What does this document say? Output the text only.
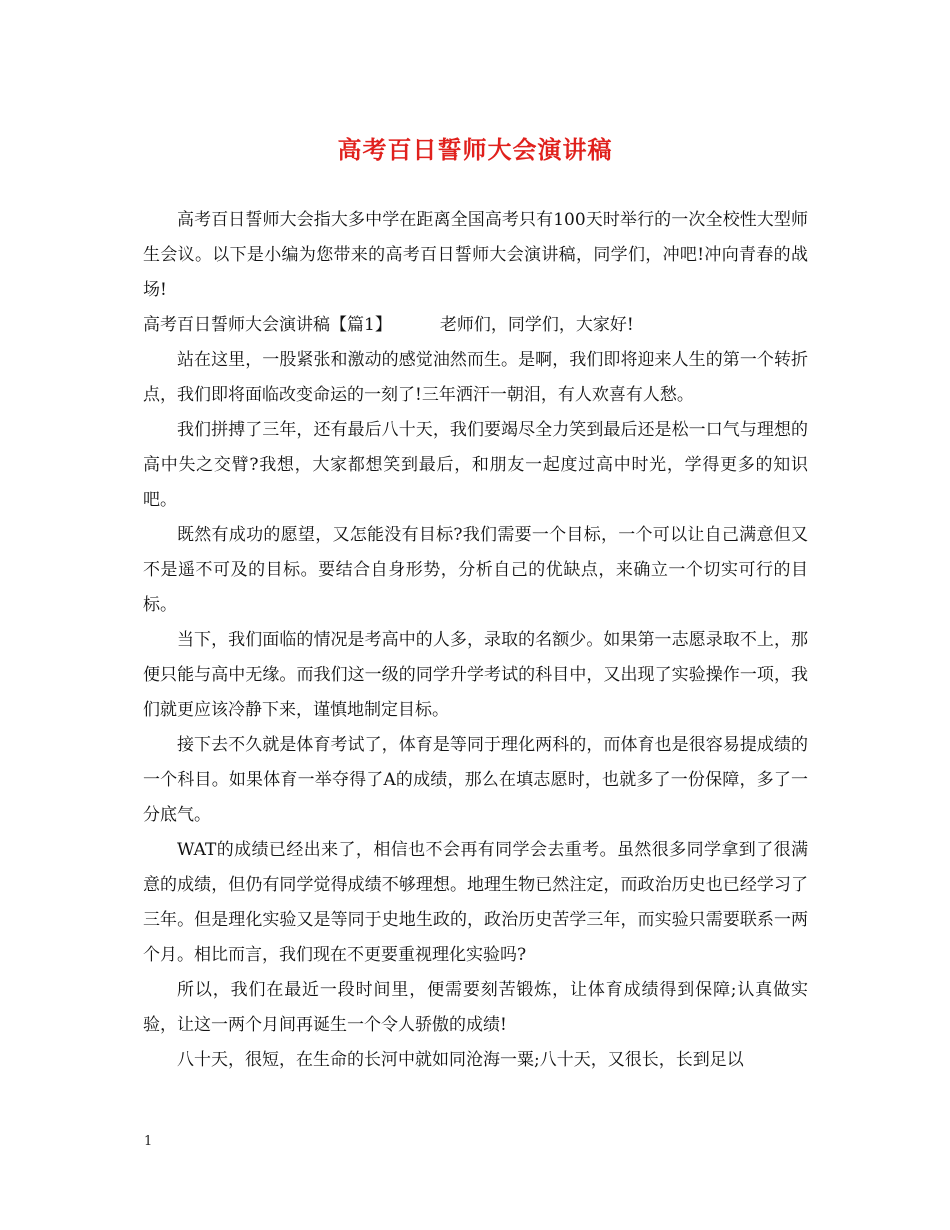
高考百日誓师大会演讲稿

高考百日誓师大会指大多中学在距离全国高考只有100天时举行的一次全校性大型师生会议。以下是小编为您带来的高考百日誓师大会演讲稿，同学们，冲吧!冲向青春的战场!

高考百日誓师大会演讲稿【篇1】	老师们，同学们，大家好!

站在这里，一股紧张和激动的感觉油然而生。是啊，我们即将迎来人生的第一个转折点，我们即将面临改变命运的一刻了!三年洒汗一朝泪，有人欢喜有人愁。

我们拼搏了三年，还有最后八十天，我们要竭尽全力笑到最后还是松一口气与理想的高中失之交臂?我想，大家都想笑到最后，和朋友一起度过高中时光，学得更多的知识吧。

既然有成功的愿望，又怎能没有目标?我们需要一个目标，一个可以让自己满意但又不是遥不可及的目标。要结合自身形势，分析自己的优缺点，来确立一个切实可行的目标。

当下，我们面临的情况是考高中的人多，录取的名额少。如果第一志愿录取不上，那便只能与高中无缘。而我们这一级的同学升学考试的科目中，又出现了实验操作一项，我们就更应该冷静下来，谨慎地制定目标。

接下去不久就是体育考试了，体育是等同于理化两科的，而体育也是很容易提成绩的一个科目。如果体育一举夺得了A的成绩，那么在填志愿时，也就多了一份保障，多了一分底气。

WAT的成绩已经出来了，相信也不会再有同学会去重考。虽然很多同学拿到了很满意的成绩，但仍有同学觉得成绩不够理想。地理生物已然注定，而政治历史也已经学习了三年。但是理化实验又是等同于史地生政的，政治历史苦学三年，而实验只需要联系一两个月。相比而言，我们现在不更要重视理化实验吗?

所以，我们在最近一段时间里，便需要刻苦锻炼，让体育成绩得到保障;认真做实验，让这一两个月间再诞生一个令人骄傲的成绩!

八十天，很短，在生命的长河中就如同沧海一粟;八十天，又很长，长到足以

1
